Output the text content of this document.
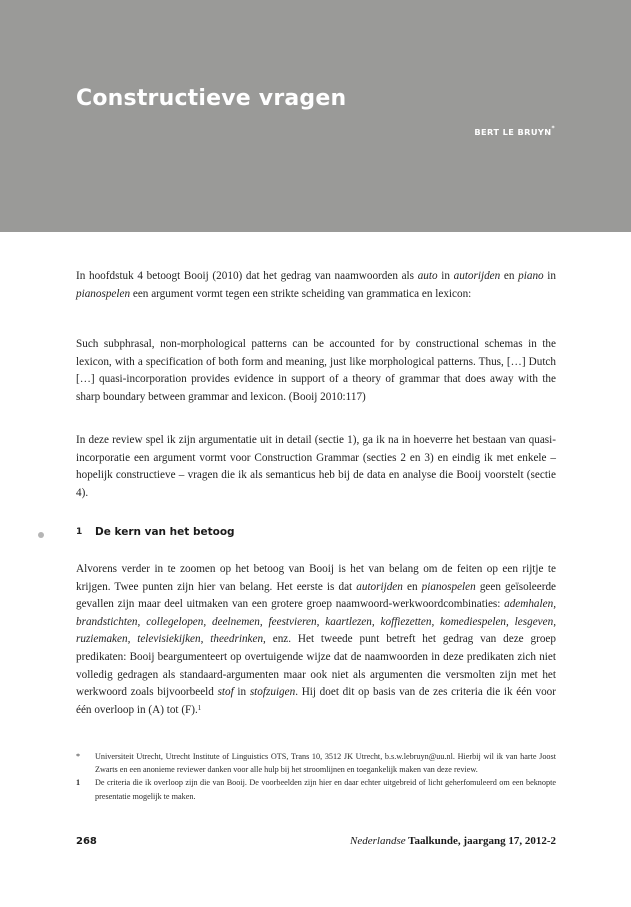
Constructieve vragen
BERT LE BRUYN*

In hoofdstuk 4 betoogt Booij (2010) dat het gedrag van naamwoorden als auto in autorijden en piano in pianospelen een argument vormt tegen een strikte scheiding van grammatica en lexicon:

Such subphrasal, non-morphological patterns can be accounted for by constructional schemas in the lexicon, with a specification of both form and meaning, just like morphological patterns. Thus, […] Dutch […] quasi-incorporation provides evidence in support of a theory of grammar that does away with the sharp boundary between grammar and lexicon. (Booij 2010:117)

In deze review spel ik zijn argumentatie uit in detail (sectie 1), ga ik na in hoeverre het bestaan van quasi-incorporatie een argument vormt voor Construction Grammar (secties 2 en 3) en eindig ik met enkele – hopelijk constructieve – vragen die ik als semanticus heb bij de data en analyse die Booij voorstelt (sectie 4).

1 De kern van het betoog

Alvorens verder in te zoomen op het betoog van Booij is het van belang om de feiten op een rijtje te krijgen. Twee punten zijn hier van belang. Het eerste is dat autorijden en pianospelen geen geïsoleerde gevallen zijn maar deel uitmaken van een grotere groep naamwoord-werkwoordcombinaties: ademhalen, brandstichten, collegelopen, deelnemen, feestvieren, kaartlezen, koffiezetten, komediespelen, lesgeven, ruziemaken, televisiekijken, theedrinken, enz. Het tweede punt betreft het gedrag van deze groep predikaten: Booij beargumenteert op overtuigende wijze dat de naamwoorden in deze predikaten zich niet volledig gedragen als standaard-argumenten maar ook niet als argumenten die versmolten zijn met het werkwoord zoals bijvoorbeeld stof in stofzuigen. Hij doet dit op basis van de zes criteria die ik één voor één overloop in (A) tot (F).$^1$

*	Universiteit Utrecht, Utrecht Institute of Linguistics OTS, Trans 10, 3512 JK Utrecht, b.s.w.lebruyn@uu.nl. Hierbij wil ik van harte Joost Zwarts en een anonieme reviewer danken voor alle hulp bij het stroomlijnen en toegankelijk maken van deze review.
1	De criteria die ik overloop zijn die van Booij. De voorbeelden zijn hier en daar echter uitgebreid of licht geherfomuleerd om een beknopte presentatie mogelijk te maken.
268	Nederlandse Taalkunde, jaargang 17, 2012-2
